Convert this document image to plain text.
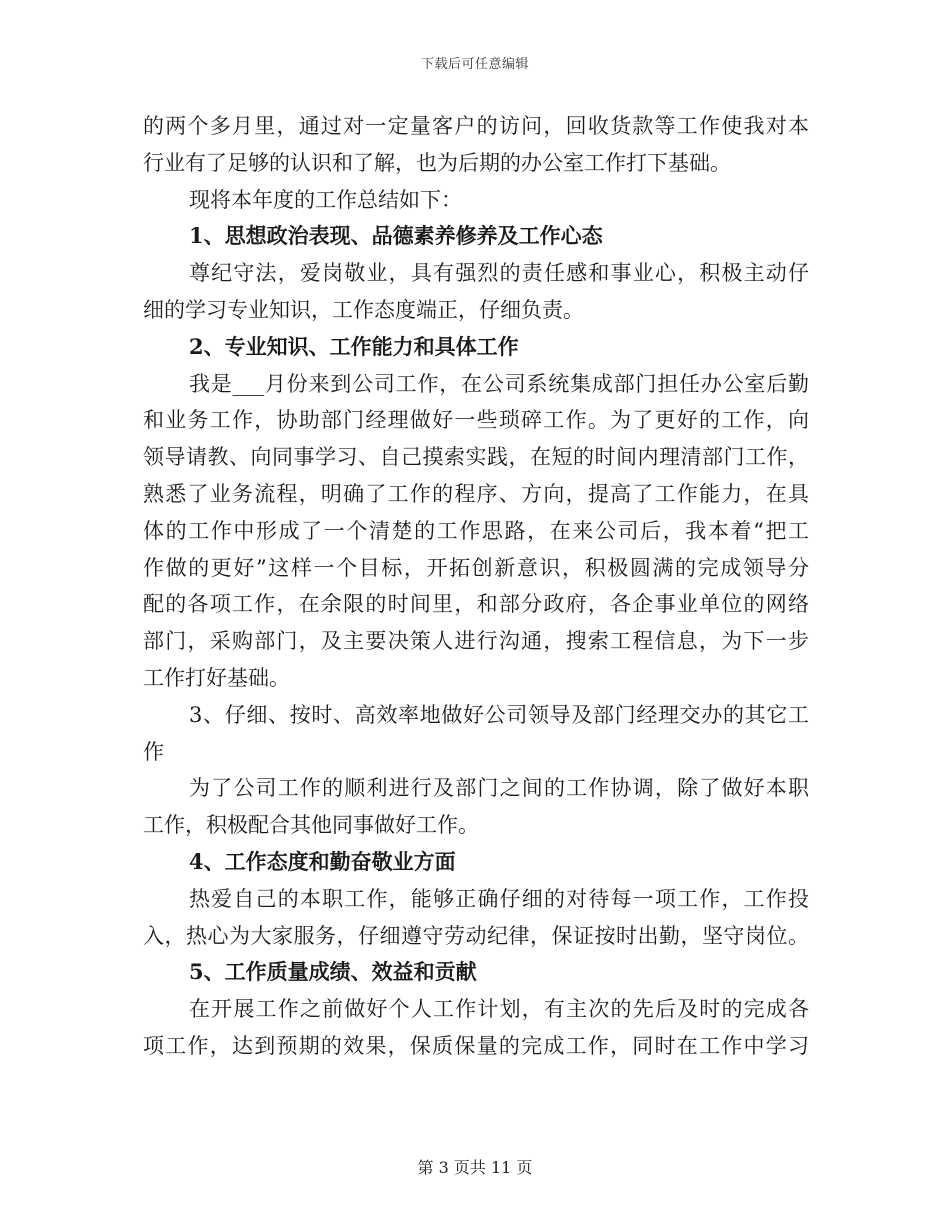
下载后可任意编辑
的两个多月里，通过对一定量客户的访问，回收货款等工作使我对本
行业有了足够的认识和了解，也为后期的办公室工作打下基础。
现将本年度的工作总结如下：
1、思想政治表现、品德素养修养及工作心态
尊纪守法，爱岗敬业，具有强烈的责任感和事业心，积极主动仔
细的学习专业知识，工作态度端正，仔细负责。
2、专业知识、工作能力和具体工作
我是___月份来到公司工作，在公司系统集成部门担任办公室后勤
和业务工作，协助部门经理做好一些琐碎工作。为了更好的工作，向
领导请教、向同事学习、自己摸索实践，在短的时间内理清部门工作，
熟悉了业务流程，明确了工作的程序、方向，提高了工作能力，在具
体的工作中形成了一个清楚的工作思路，在来公司后，我本着“把工
作做的更好”这样一个目标，开拓创新意识，积极圆满的完成领导分
配的各项工作，在余限的时间里，和部分政府，各企事业单位的网络
部门，采购部门，及主要决策人进行沟通，搜索工程信息，为下一步
工作打好基础。
3、仔细、按时、高效率地做好公司领导及部门经理交办的其它工
作
为了公司工作的顺利进行及部门之间的工作协调，除了做好本职
工作，积极配合其他同事做好工作。
4、工作态度和勤奋敬业方面
热爱自己的本职工作，能够正确仔细的对待每一项工作，工作投
入，热心为大家服务，仔细遵守劳动纪律，保证按时出勤，坚守岗位。
5、工作质量成绩、效益和贡献
在开展工作之前做好个人工作计划，有主次的先后及时的完成各
项工作，达到预期的效果，保质保量的完成工作，同时在工作中学习
第 3 页共 11 页
